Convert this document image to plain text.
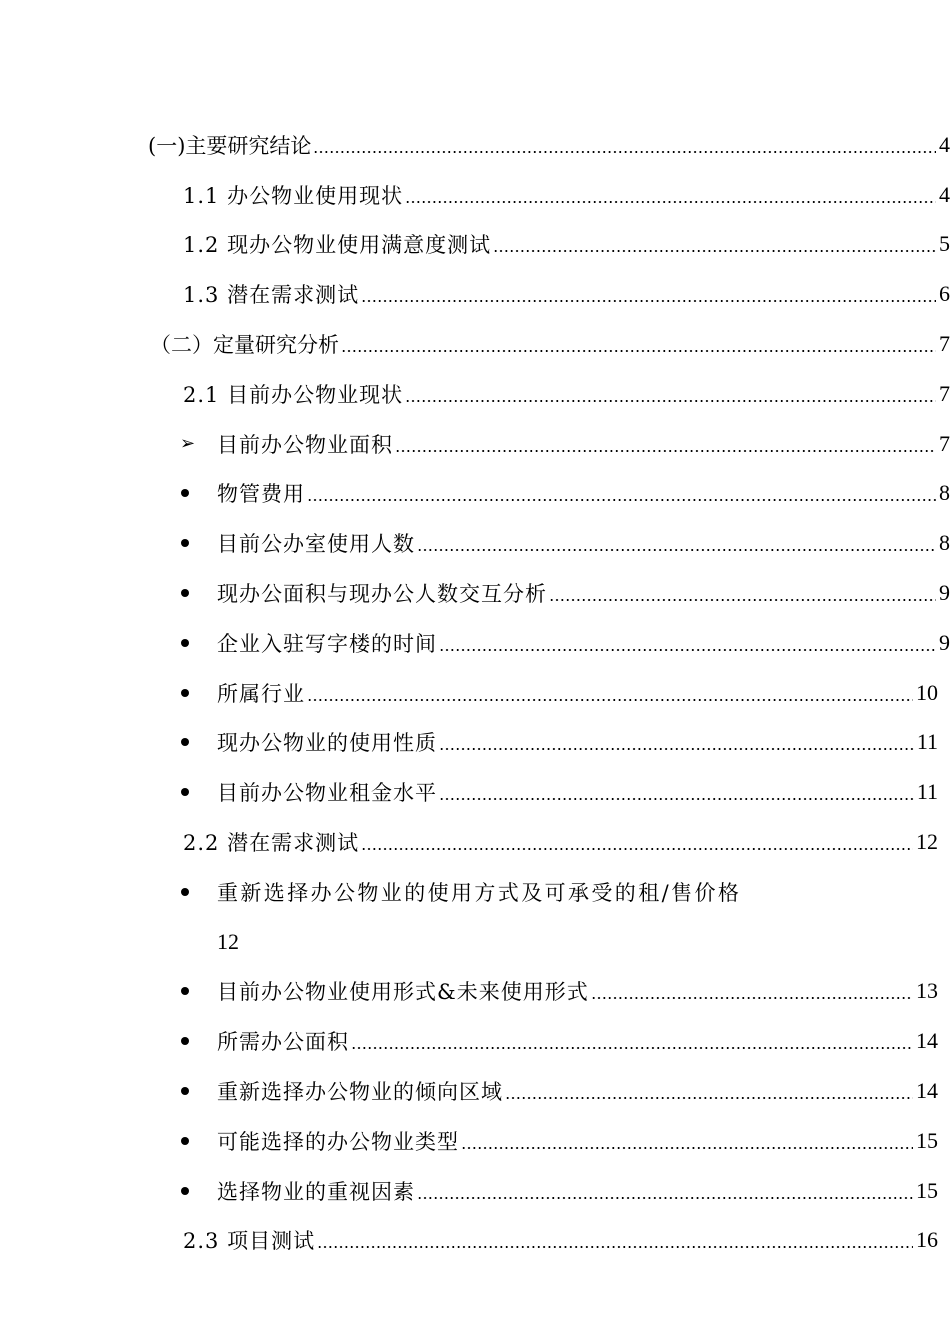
(一)主要研究结论	4
1.1 办公物业使用现状	4
1.2 现办公物业使用满意度测试	5
1.3 潜在需求测试	6
（二）定量研究分析	7
2.1 目前办公物业现状	7
➢ 目前办公物业面积	7
物管费用	8
目前公办室使用人数	8
现办公面积与现办公人数交互分析	9
企业入驻写字楼的时间	9
所属行业	10
现办公物业的使用性质	11
目前办公物业租金水平	11
2.2 潜在需求测试	12
重新选择办公物业的使用方式及可承受的租/售价格
12
目前办公物业使用形式&未来使用形式	13
所需办公面积	14
重新选择办公物业的倾向区域	14
可能选择的办公物业类型	15
选择物业的重视因素	15
2.3 项目测试	16
